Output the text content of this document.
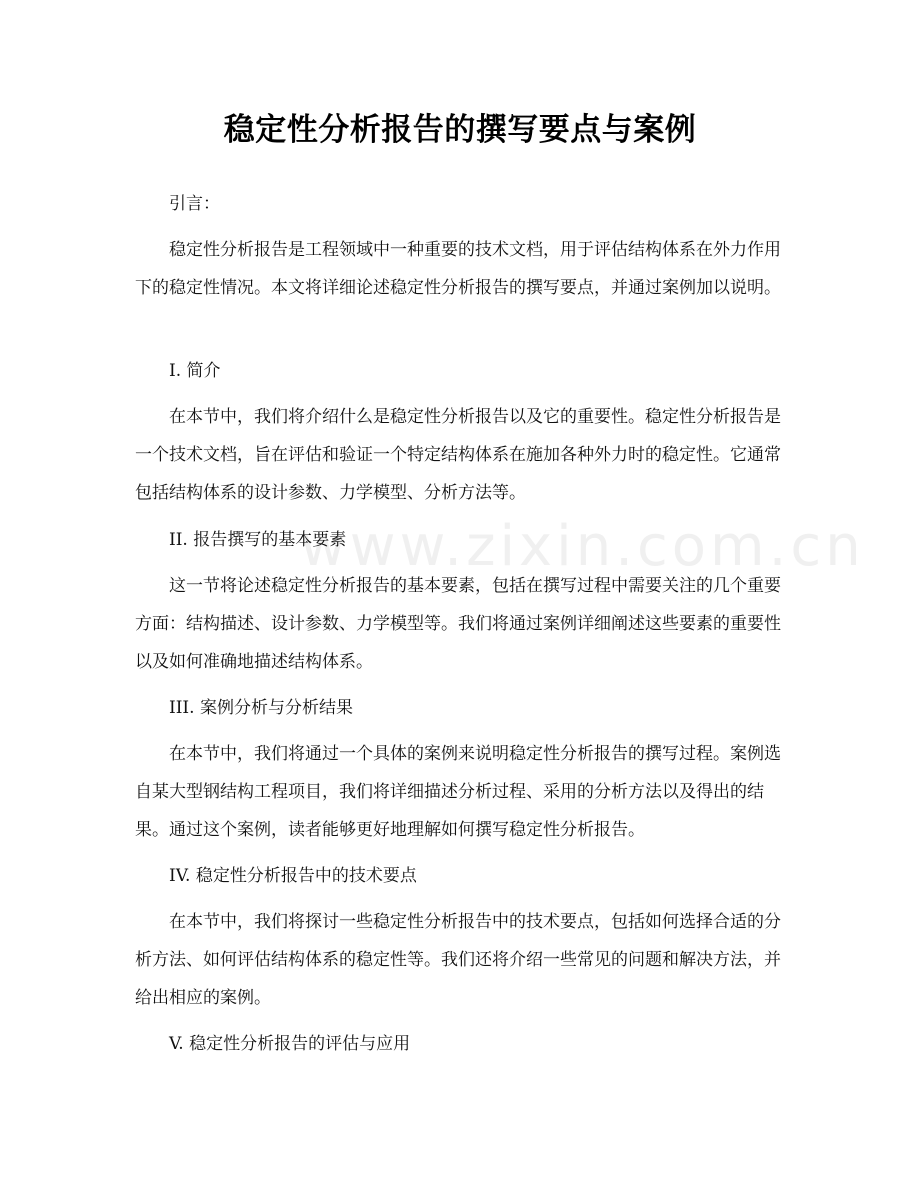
www.zixin.com.cn
稳定性分析报告的撰写要点与案例

引言：

稳定性分析报告是工程领域中一种重要的技术文档，用于评估结构体系在外力作用下的稳定性情况。本文将详细论述稳定性分析报告的撰写要点，并通过案例加以说明。

I. 简介

在本节中，我们将介绍什么是稳定性分析报告以及它的重要性。稳定性分析报告是一个技术文档，旨在评估和验证一个特定结构体系在施加各种外力时的稳定性。它通常包括结构体系的设计参数、力学模型、分析方法等。

II. 报告撰写的基本要素

这一节将论述稳定性分析报告的基本要素，包括在撰写过程中需要关注的几个重要方面：结构描述、设计参数、力学模型等。我们将通过案例详细阐述这些要素的重要性以及如何准确地描述结构体系。

III. 案例分析与分析结果

在本节中，我们将通过一个具体的案例来说明稳定性分析报告的撰写过程。案例选自某大型钢结构工程项目，我们将详细描述分析过程、采用的分析方法以及得出的结果。通过这个案例，读者能够更好地理解如何撰写稳定性分析报告。

IV. 稳定性分析报告中的技术要点

在本节中，我们将探讨一些稳定性分析报告中的技术要点，包括如何选择合适的分析方法、如何评估结构体系的稳定性等。我们还将介绍一些常见的问题和解决方法，并给出相应的案例。

V. 稳定性分析报告的评估与应用
